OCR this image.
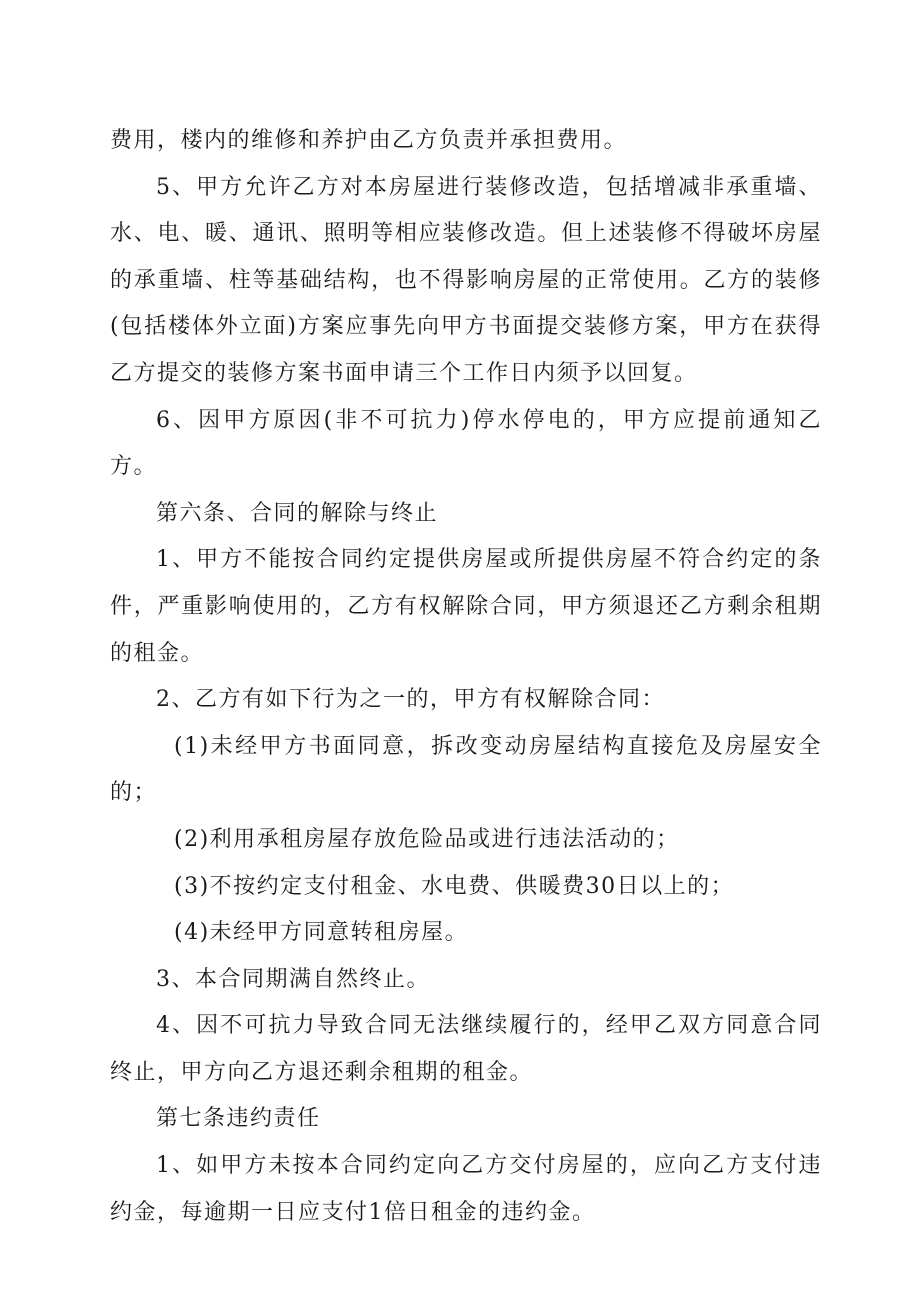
费用，楼内的维修和养护由乙方负责并承担费用。

5、甲方允许乙方对本房屋进行装修改造，包括增减非承重墙、水、电、暖、通讯、照明等相应装修改造。但上述装修不得破坏房屋的承重墙、柱等基础结构，也不得影响房屋的正常使用。乙方的装修(包括楼体外立面)方案应事先向甲方书面提交装修方案，甲方在获得乙方提交的装修方案书面申请三个工作日内须予以回复。

6、因甲方原因(非不可抗力)停水停电的，甲方应提前通知乙方。

第六条、合同的解除与终止

1、甲方不能按合同约定提供房屋或所提供房屋不符合约定的条件，严重影响使用的，乙方有权解除合同，甲方须退还乙方剩余租期的租金。

2、乙方有如下行为之一的，甲方有权解除合同：

(1)未经甲方书面同意，拆改变动房屋结构直接危及房屋安全的；

(2)利用承租房屋存放危险品或进行违法活动的；

(3)不按约定支付租金、水电费、供暖费30日以上的；

(4)未经甲方同意转租房屋。

3、本合同期满自然终止。

4、因不可抗力导致合同无法继续履行的，经甲乙双方同意合同终止，甲方向乙方退还剩余租期的租金。

第七条违约责任

1、如甲方未按本合同约定向乙方交付房屋的，应向乙方支付违约金，每逾期一日应支付1倍日租金的违约金。
